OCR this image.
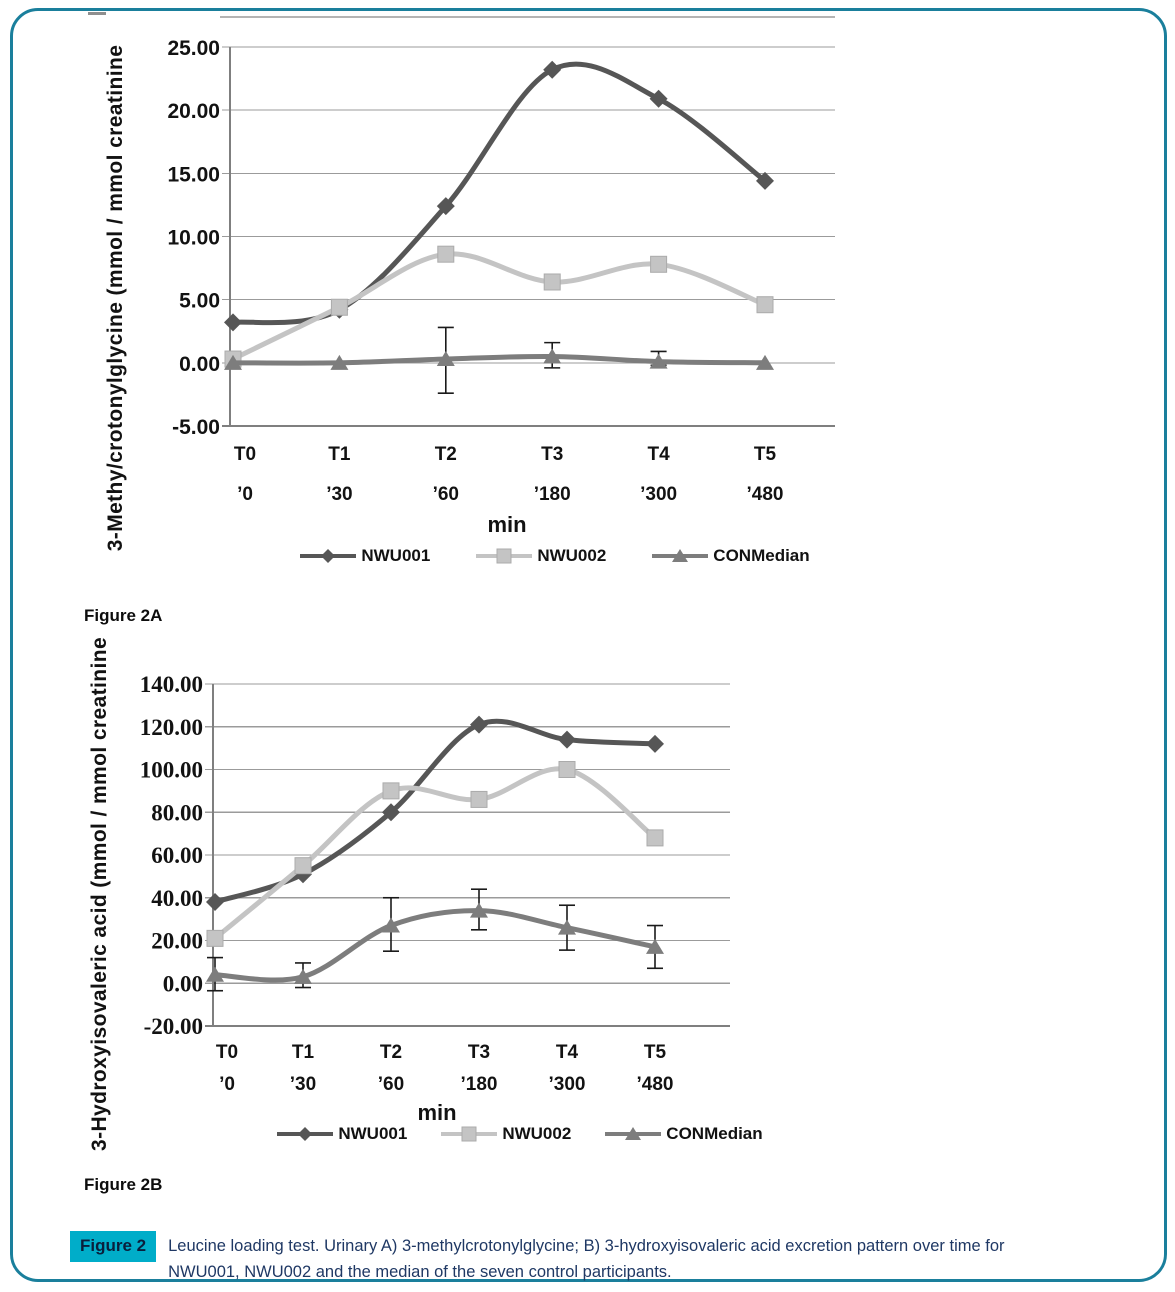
25.00
20.00
15.00
10.00
5.00
0.00
-5.00
T0	T1	T2	T3	T4	T5
’0	’30	’60	’180	’300	’480
min
3-Methy/crotonylglycine (mmol / mmol creatinine
140.00
120.00
100.00
80.00
60.00
40.00
20.00
0.00
-20.00
T0	T1	T2	T3	T4	T5
’0	’30	’60	’180	’300	’480
min
3-Hydroxyisovaleric acid (mmol / mmol creatinine
NWU001	NWU002	CONMedian
NWU001	NWU002	CONMedian
Figure 2A
Figure 2B
Figure 2	Leucine loading test. Urinary A) 3-methylcrotonylglycine; B) 3-hydroxyisovaleric acid excretion pattern over time for
NWU001, NWU002 and the median of the seven control participants.
